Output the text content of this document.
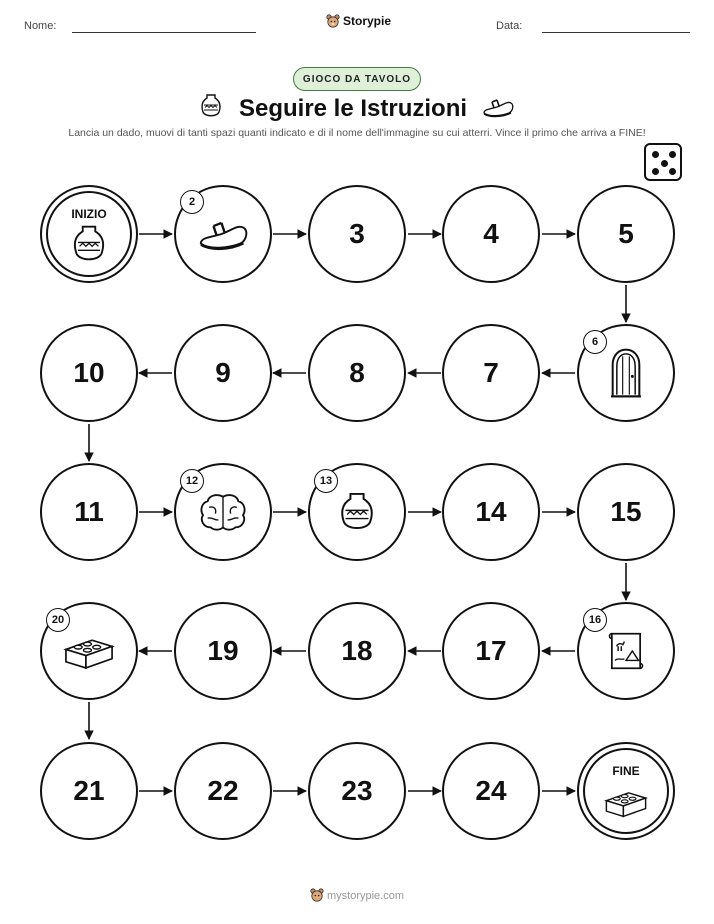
Nome:	Storypie	Data:
GIOCO DA TAVOLO
Seguire le Istruzioni
Lancia un dado, muovi di tanti spazi quanti indicato e di il nome dell'immagine su cui atterri. Vince il primo che arriva a FINE!
INIZIO
2
3	4	5
10	9	8	7
6
11
12	13
14	15
20
19	18	17
16
21	22	23	24
FINE
mystorypie.com
